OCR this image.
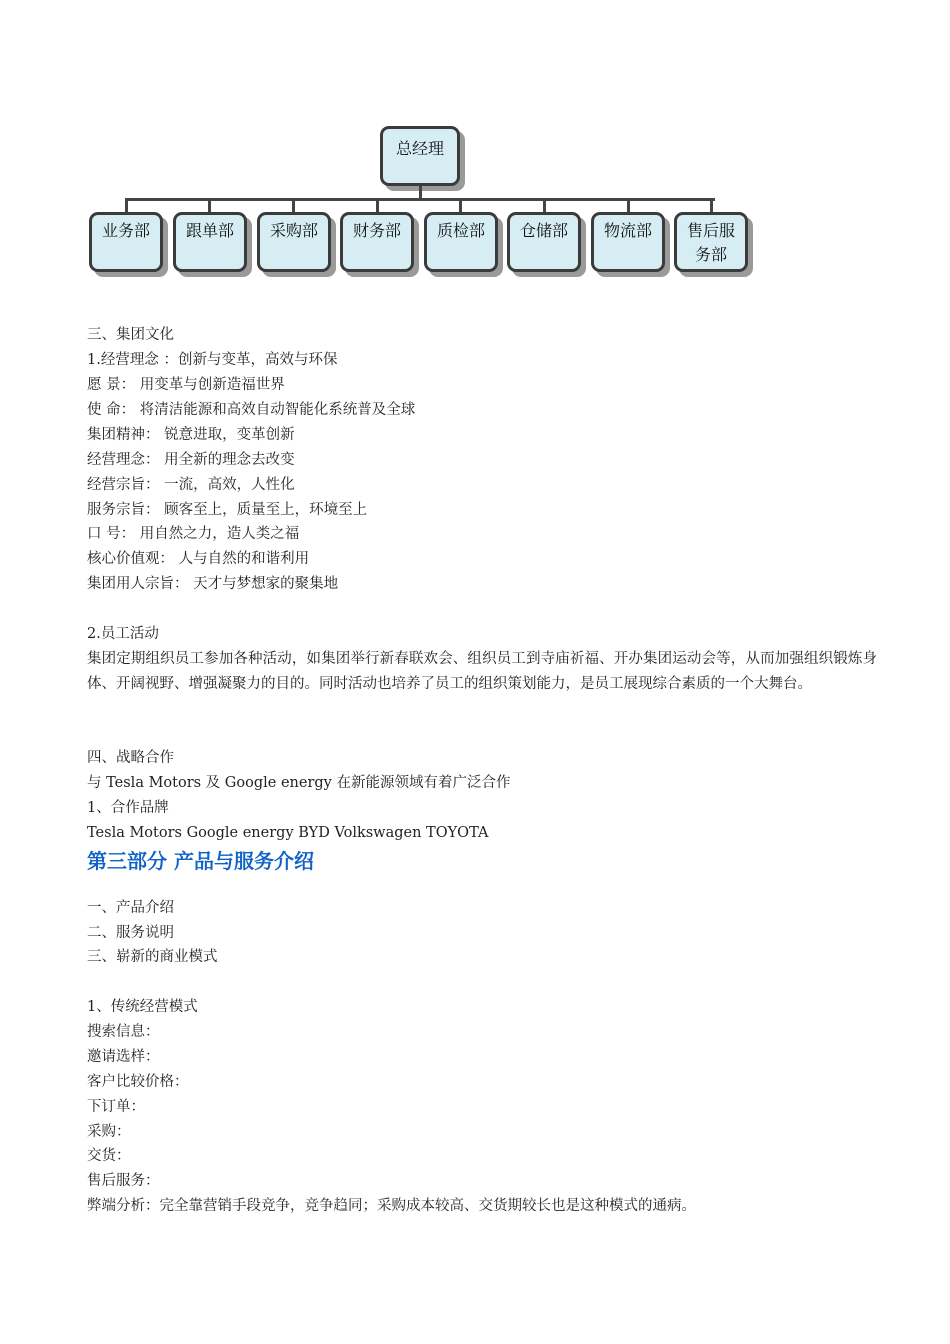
总经理
业务部	跟单部	采购部	财务部	质检部	仓储部	物流部	售后服务部
三、集团文化
1.经营理念 ：创新与变革，高效与环保
愿 景： 用变革与创新造福世界
使 命： 将清洁能源和高效自动智能化系统普及全球
集团精神： 锐意进取，变革创新
经营理念： 用全新的理念去改变
经营宗旨： 一流，高效，人性化
服务宗旨： 顾客至上，质量至上，环境至上
口 号： 用自然之力，造人类之福
核心价值观： 人与自然的和谐利用
集团用人宗旨： 天才与梦想家的聚集地
2.员工活动
集团定期组织员工参加各种活动，如集团举行新春联欢会、组织员工到寺庙祈福、开办集团运动会等，从而加强组织锻炼身体、开阔视野、增强凝聚力的目的。同时活动也培养了员工的组织策划能力，是员工展现综合素质的一个大舞台。
四、战略合作
与 Tesla Motors 及 Google energy 在新能源领域有着广泛合作
1、合作品牌
Tesla Motors Google energy BYD Volkswagen TOYOTA
第三部分 产品与服务介绍
一、产品介绍
二、服务说明
三、崭新的商业模式
1、传统经营模式
搜索信息：
邀请选样：
客户比较价格：
下订单：
采购：
交货：
售后服务：
弊端分析：完全靠营销手段竞争，竞争趋同；采购成本较高、交货期较长也是这种模式的通病。
